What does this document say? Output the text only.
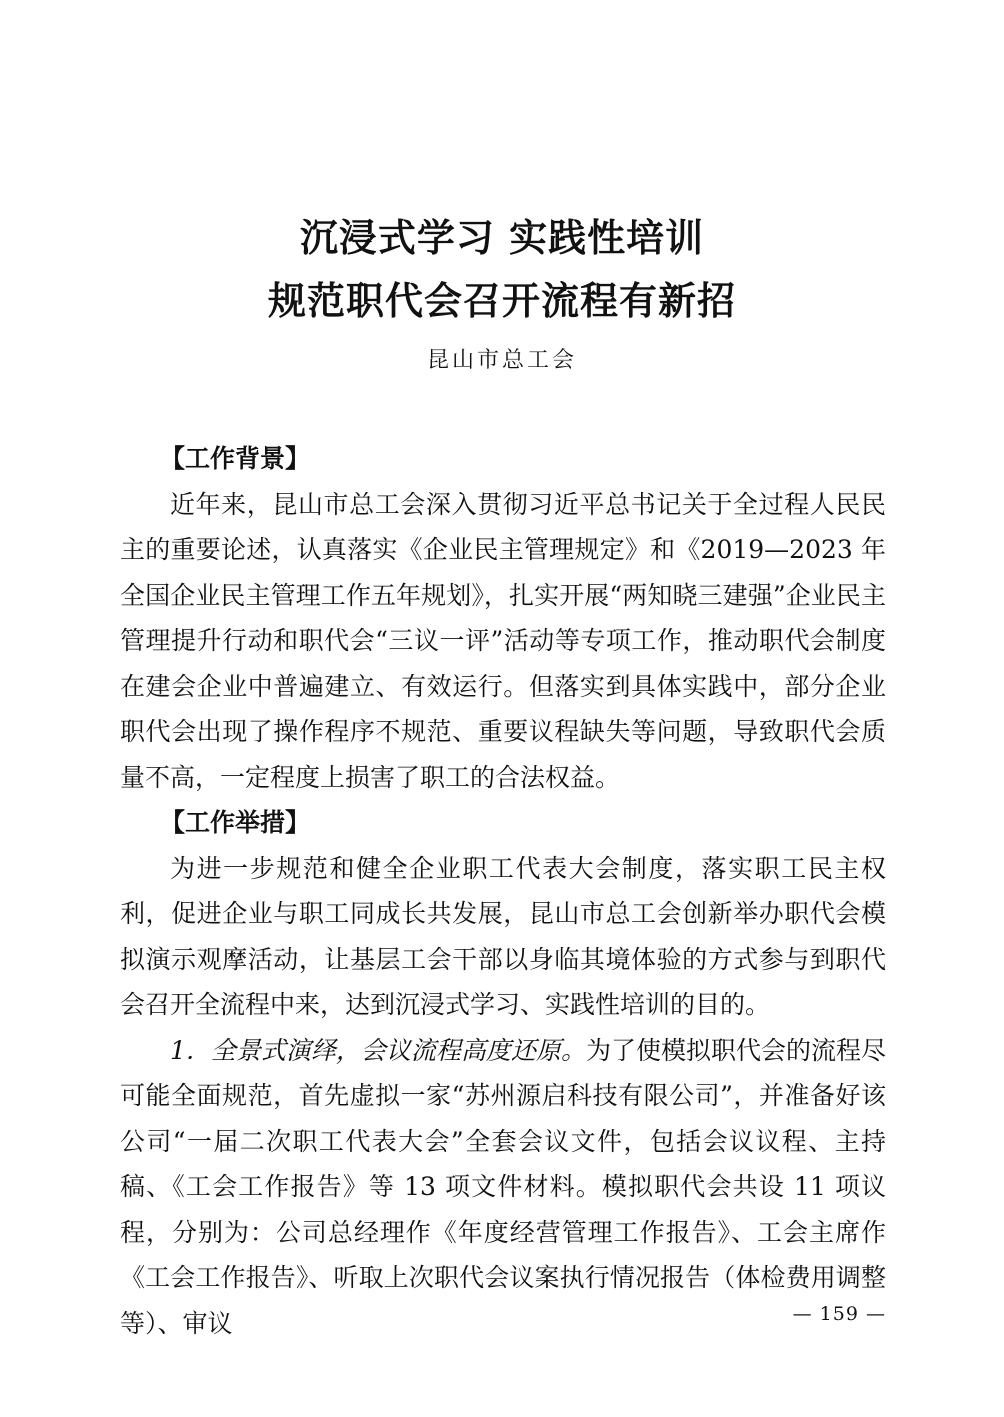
沉浸式学习 实践性培训
规范职代会召开流程有新招
昆山市总工会

【工作背景】

近年来，昆山市总工会深入贯彻习近平总书记关于全过程人民民主的重要论述，认真落实《企业民主管理规定》和《2019—2023 年全国企业民主管理工作五年规划》，扎实开展“两知晓三建强”企业民主管理提升行动和职代会“三议一评”活动等专项工作，推动职代会制度在建会企业中普遍建立、有效运行。但落实到具体实践中，部分企业职代会出现了操作程序不规范、重要议程缺失等问题，导致职代会质量不高，一定程度上损害了职工的合法权益。

【工作举措】

为进一步规范和健全企业职工代表大会制度，落实职工民主权利，促进企业与职工同成长共发展，昆山市总工会创新举办职代会模拟演示观摩活动，让基层工会干部以身临其境体验的方式参与到职代会召开全流程中来，达到沉浸式学习、实践性培训的目的。

1．全景式演绎，会议流程高度还原。为了使模拟职代会的流程尽可能全面规范，首先虚拟一家“苏州源启科技有限公司”，并准备好该公司“一届二次职工代表大会”全套会议文件，包括会议议程、主持稿、《工会工作报告》等 13 项文件材料。模拟职代会共设 11 项议程，分别为：公司总经理作《年度经营管理工作报告》、工会主席作《工会工作报告》、听取上次职代会议案执行情况报告（体检费用调整等）、审议	— 159 —
